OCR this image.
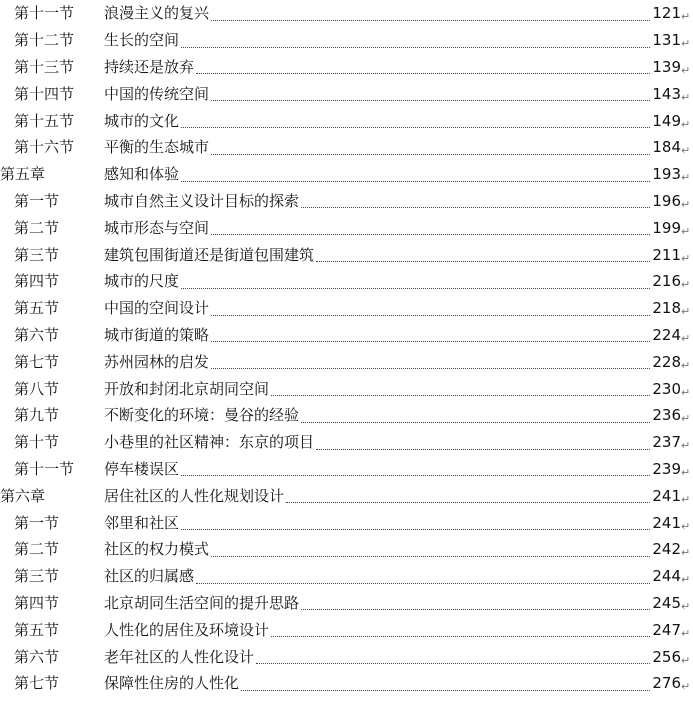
第十一节	浪漫主义的复兴	121 ↵
第十二节	生长的空间	131 ↵
第十三节	持续还是放弃	139 ↵
第十四节	中国的传统空间	143 ↵
第十五节	城市的文化	149 ↵
第十六节	平衡的生态城市	184 ↵
第五章	感知和体验	193 ↵
第一节	城市自然主义设计目标的探索	196 ↵
第二节	城市形态与空间	199 ↵
第三节	建筑包围街道还是街道包围建筑	211 ↵
第四节	城市的尺度	216 ↵
第五节	中国的空间设计	218 ↵
第六节	城市街道的策略	224 ↵
第七节	苏州园林的启发	228 ↵
第八节	开放和封闭北京胡同空间	230 ↵
第九节	不断变化的环境：曼谷的经验	236 ↵
第十节	小巷里的社区精神：东京的项目	237 ↵
第十一节	停车楼误区	239 ↵
第六章	居住社区的人性化规划设计	241 ↵
第一节	邻里和社区	241 ↵
第二节	社区的权力模式	242 ↵
第三节	社区的归属感	244 ↵
第四节	北京胡同生活空间的提升思路	245 ↵
第五节	人性化的居住及环境设计	247 ↵
第六节	老年社区的人性化设计	256 ↵
第七节	保障性住房的人性化	276 ↵
